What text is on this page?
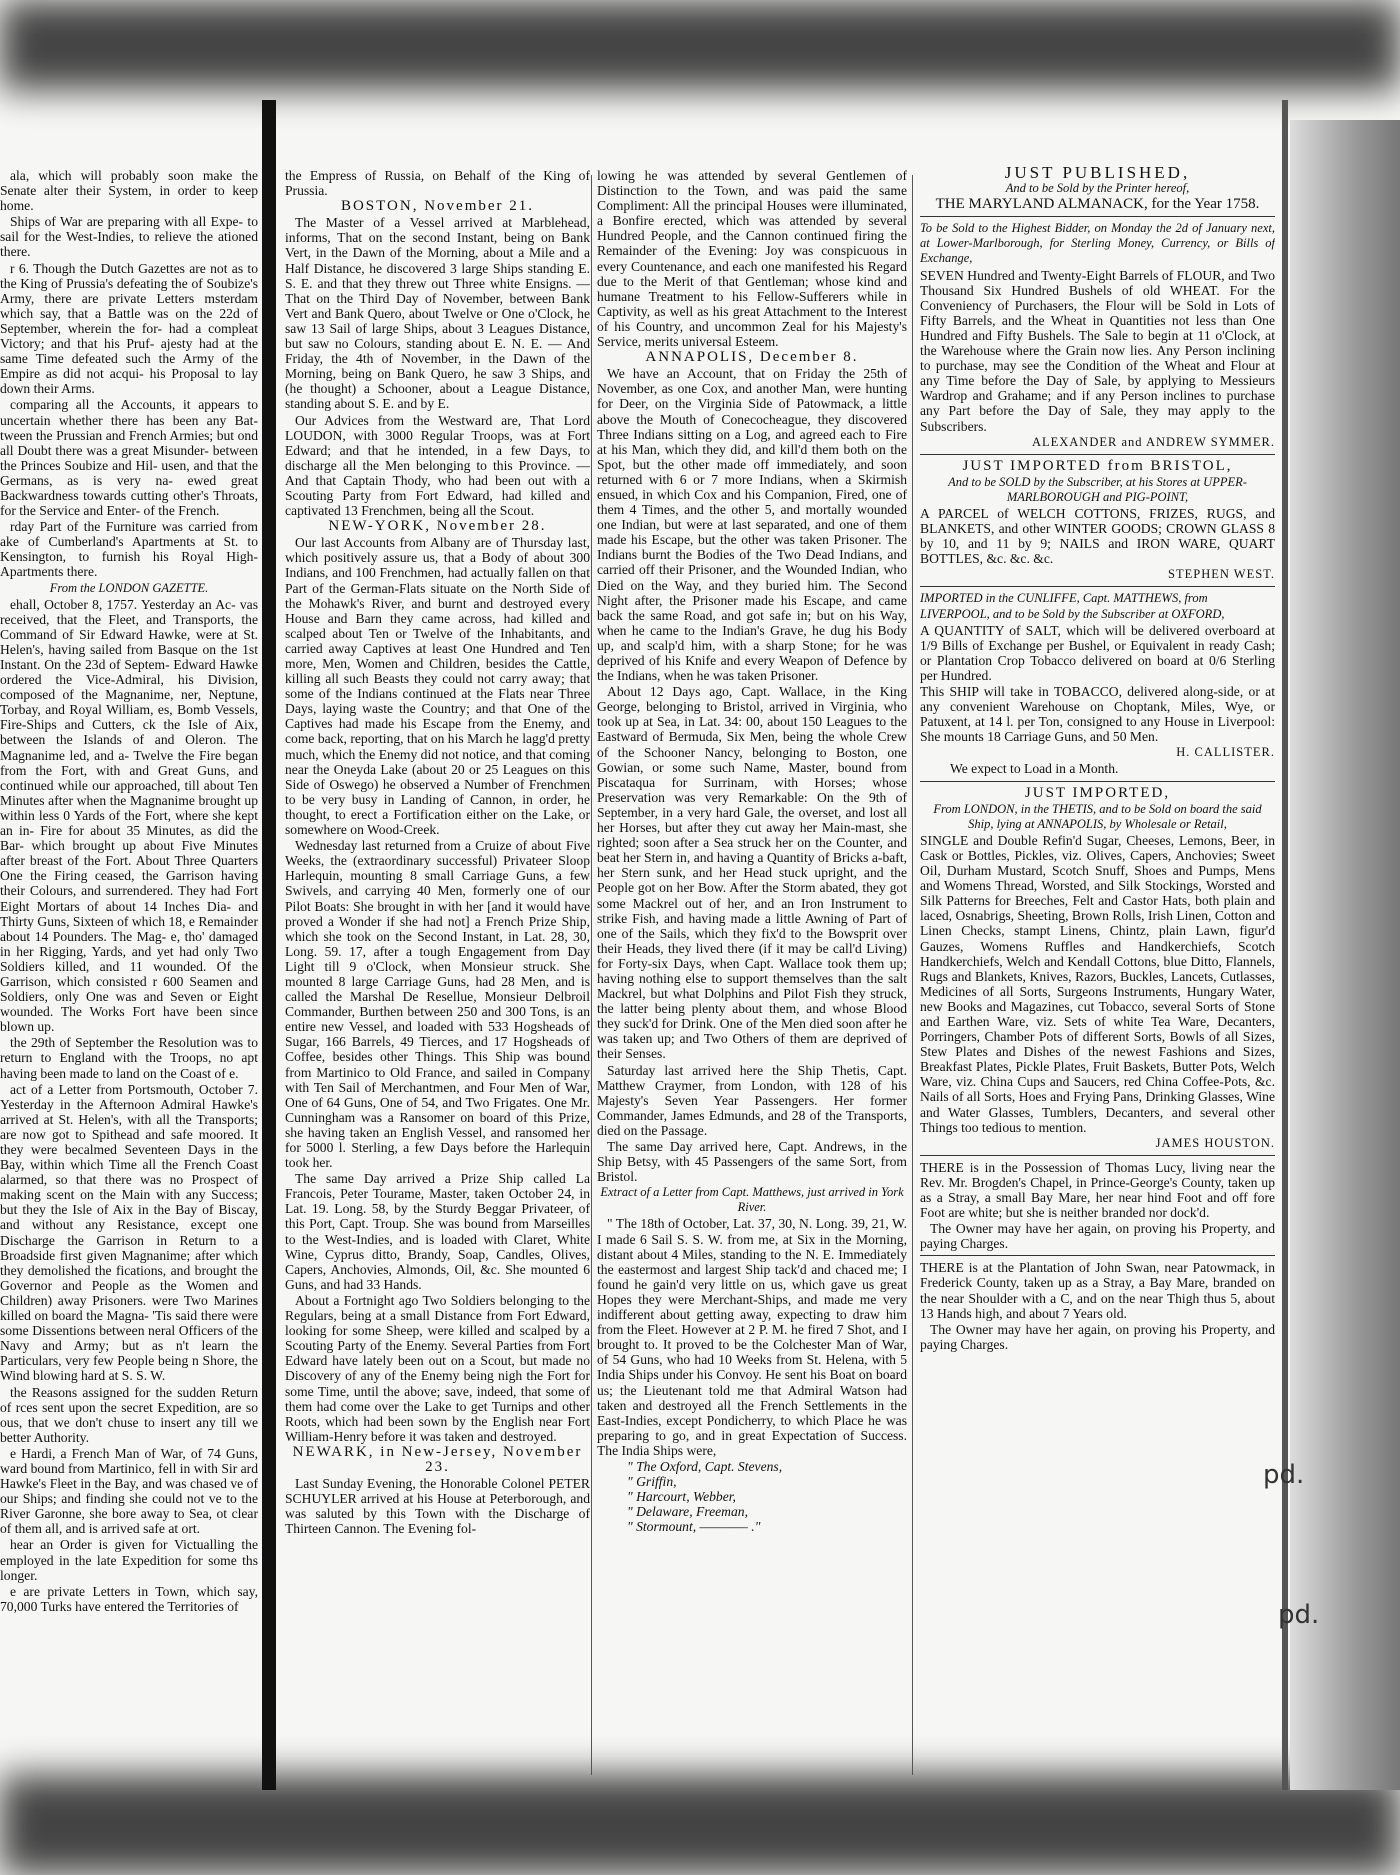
ala, which will probably soon make the Senate alter their System, in order to keep home.

Ships of War are preparing with all Expe- to sail for the West-Indies, to relieve the ationed there.

r 6. Though the Dutch Gazettes are not as to the King of Prussia's defeating the of Soubize's Army, there are private Letters msterdam which say, that a Battle was on the 22d of September, wherein the for- had a compleat Victory; and that his Pruf- ajesty had at the same Time defeated such the Army of the Empire as did not acqui- his Proposal to lay down their Arms.

comparing all the Accounts, it appears to uncertain whether there has been any Bat- tween the Prussian and French Armies; but ond all Doubt there was a great Misunder- between the Princes Soubize and Hil- usen, and that the Germans, as is very na- ewed great Backwardness towards cutting other's Throats, for the Service and Enter- of the French.

rday Part of the Furniture was carried from ake of Cumberland's Apartments at St. to Kensington, to furnish his Royal High- Apartments there.

From the LONDON GAZETTE.

ehall, October 8, 1757. Yesterday an Ac- vas received, that the Fleet, and Transports, the Command of Sir Edward Hawke, were at St. Helen's, having sailed from Basque on the 1st Instant. On the 23d of Septem- Edward Hawke ordered the Vice-Admiral, his Division, composed of the Magnanime, ner, Neptune, Torbay, and Royal William, es, Bomb Vessels, Fire-Ships and Cutters, ck the Isle of Aix, between the Islands of and Oleron. The Magnanime led, and a- Twelve the Fire began from the Fort, with and Great Guns, and continued while our approached, till about Ten Minutes after when the Magnanime brought up within less 0 Yards of the Fort, where she kept an in- Fire for about 35 Minutes, as did the Bar- which brought up about Five Minutes after breast of the Fort. About Three Quarters One the Firing ceased, the Garrison having their Colours, and surrendered. They had Fort Eight Mortars of about 14 Inches Dia- and Thirty Guns, Sixteen of which 18, e Remainder about 14 Pounders. The Mag- e, tho' damaged in her Rigging, Yards, and yet had only Two Soldiers killed, and 11 wounded. Of the Garrison, which consisted r 600 Seamen and Soldiers, only One was and Seven or Eight wounded. The Works Fort have been since blown up.

the 29th of September the Resolution was to return to England with the Troops, no apt having been made to land on the Coast of e.

act of a Letter from Portsmouth, October 7. Yesterday in the Afternoon Admiral Hawke's arrived at St. Helen's, with all the Transports; are now got to Spithead and safe moored. It they were becalmed Seventeen Days in the Bay, within which Time all the French Coast alarmed, so that there was no Prospect of making scent on the Main with any Success; but they the Isle of Aix in the Bay of Biscay, and without any Resistance, except one Discharge the Garrison in Return to a Broadside first given Magnanime; after which they demolished the fications, and brought the Governor and People as the Women and Children) away Prisoners. were Two Marines killed on board the Magna- 'Tis said there were some Dissentions between neral Officers of the Navy and Army; but as n't learn the Particulars, very few People being n Shore, the Wind blowing hard at S. S. W.

the Reasons assigned for the sudden Return of rces sent upon the secret Expedition, are so ous, that we don't chuse to insert any till we better Authority.

e Hardi, a French Man of War, of 74 Guns, ward bound from Martinico, fell in with Sir ard Hawke's Fleet in the Bay, and was chased ve of our Ships; and finding she could not ve to the River Garonne, she bore away to Sea, ot clear of them all, and is arrived safe at ort.

hear an Order is given for Victualling the employed in the late Expedition for some ths longer.

e are private Letters in Town, which say, 70,000 Turks have entered the Territories of

the Empress of Russia, on Behalf of the King of Prussia.

BOSTON, November 21.

The Master of a Vessel arrived at Marblehead, informs, That on the second Instant, being on Bank Vert, in the Dawn of the Morning, about a Mile and a Half Distance, he discovered 3 large Ships standing E. S. E. and that they threw out Three white Ensigns. — That on the Third Day of November, between Bank Vert and Bank Quero, about Twelve or One o'Clock, he saw 13 Sail of large Ships, about 3 Leagues Distance, but saw no Colours, standing about E. N. E. — And Friday, the 4th of November, in the Dawn of the Morning, being on Bank Quero, he saw 3 Ships, and (he thought) a Schooner, about a League Distance, standing about S. E. and by E.

Our Advices from the Westward are, That Lord LOUDON, with 3000 Regular Troops, was at Fort Edward; and that he intended, in a few Days, to discharge all the Men belonging to this Province. — And that Captain Thody, who had been out with a Scouting Party from Fort Edward, had killed and captivated 13 Frenchmen, being all the Scout.

NEW-YORK, November 28.

Our last Accounts from Albany are of Thursday last, which positively assure us, that a Body of about 300 Indians, and 100 Frenchmen, had actually fallen on that Part of the German-Flats situate on the North Side of the Mohawk's River, and burnt and destroyed every House and Barn they came across, had killed and scalped about Ten or Twelve of the Inhabitants, and carried away Captives at least One Hundred and Ten more, Men, Women and Children, besides the Cattle, killing all such Beasts they could not carry away; that some of the Indians continued at the Flats near Three Days, laying waste the Country; and that One of the Captives had made his Escape from the Enemy, and come back, reporting, that on his March he lagg'd pretty much, which the Enemy did not notice, and that coming near the Oneyda Lake (about 20 or 25 Leagues on this Side of Oswego) he observed a Number of Frenchmen to be very busy in Landing of Cannon, in order, he thought, to erect a Fortification either on the Lake, or somewhere on Wood-Creek.

Wednesday last returned from a Cruize of about Five Weeks, the (extraordinary successful) Privateer Sloop Harlequin, mounting 8 small Carriage Guns, a few Swivels, and carrying 40 Men, formerly one of our Pilot Boats: She brought in with her [and it would have proved a Wonder if she had not] a French Prize Ship, which she took on the Second Instant, in Lat. 28, 30, Long. 59. 17, after a tough Engagement from Day Light till 9 o'Clock, when Monsieur struck. She mounted 8 large Carriage Guns, had 28 Men, and is called the Marshal De Resellue, Monsieur Delbroil Commander, Burthen between 250 and 300 Tons, is an entire new Vessel, and loaded with 533 Hogsheads of Sugar, 166 Barrels, 49 Tierces, and 17 Hogsheads of Coffee, besides other Things. This Ship was bound from Martinico to Old France, and sailed in Company with Ten Sail of Merchantmen, and Four Men of War, One of 64 Guns, One of 54, and Two Frigates. One Mr. Cunningham was a Ransomer on board of this Prize, she having taken an English Vessel, and ransomed her for 5000 l. Sterling, a few Days before the Harlequin took her.

The same Day arrived a Prize Ship called La Francois, Peter Tourame, Master, taken October 24, in Lat. 19. Long. 58, by the Sturdy Beggar Privateer, of this Port, Capt. Troup. She was bound from Marseilles to the West-Indies, and is loaded with Claret, White Wine, Cyprus ditto, Brandy, Soap, Candles, Olives, Capers, Anchovies, Almonds, Oil, &c. She mounted 6 Guns, and had 33 Hands.

About a Fortnight ago Two Soldiers belonging to the Regulars, being at a small Distance from Fort Edward, looking for some Sheep, were killed and scalped by a Scouting Party of the Enemy. Several Parties from Fort Edward have lately been out on a Scout, but made no Discovery of any of the Enemy being nigh the Fort for some Time, until the above; save, indeed, that some of them had come over the Lake to get Turnips and other Roots, which had been sown by the English near Fort William-Henry before it was taken and destroyed.

NEWARK, in New-Jersey, November 23.

Last Sunday Evening, the Honorable Colonel PETER SCHUYLER arrived at his House at Peterborough, and was saluted by this Town with the Discharge of Thirteen Cannon. The Evening fol-

lowing he was attended by several Gentlemen of Distinction to the Town, and was paid the same Compliment: All the principal Houses were illuminated, a Bonfire erected, which was attended by several Hundred People, and the Cannon continued firing the Remainder of the Evening: Joy was conspicuous in every Countenance, and each one manifested his Regard due to the Merit of that Gentleman; whose kind and humane Treatment to his Fellow-Sufferers while in Captivity, as well as his great Attachment to the Interest of his Country, and uncommon Zeal for his Majesty's Service, merits universal Esteem.

ANNAPOLIS, December 8.

We have an Account, that on Friday the 25th of November, as one Cox, and another Man, were hunting for Deer, on the Virginia Side of Patowmack, a little above the Mouth of Conecocheague, they discovered Three Indians sitting on a Log, and agreed each to Fire at his Man, which they did, and kill'd them both on the Spot, but the other made off immediately, and soon returned with 6 or 7 more Indians, when a Skirmish ensued, in which Cox and his Companion, Fired, one of them 4 Times, and the other 5, and mortally wounded one Indian, but were at last separated, and one of them made his Escape, but the other was taken Prisoner. The Indians burnt the Bodies of the Two Dead Indians, and carried off their Prisoner, and the Wounded Indian, who Died on the Way, and they buried him. The Second Night after, the Prisoner made his Escape, and came back the same Road, and got safe in; but on his Way, when he came to the Indian's Grave, he dug his Body up, and scalp'd him, with a sharp Stone; for he was deprived of his Knife and every Weapon of Defence by the Indians, when he was taken Prisoner.

About 12 Days ago, Capt. Wallace, in the King George, belonging to Bristol, arrived in Virginia, who took up at Sea, in Lat. 34: 00, about 150 Leagues to the Eastward of Bermuda, Six Men, being the whole Crew of the Schooner Nancy, belonging to Boston, one Gowian, or some such Name, Master, bound from Piscataqua for Surrinam, with Horses; whose Preservation was very Remarkable: On the 9th of September, in a very hard Gale, the overset, and lost all her Horses, but after they cut away her Main-mast, she righted; soon after a Sea struck her on the Counter, and beat her Stern in, and having a Quantity of Bricks a-baft, her Stern sunk, and her Head stuck upright, and the People got on her Bow. After the Storm abated, they got some Mackrel out of her, and an Iron Instrument to strike Fish, and having made a little Awning of Part of one of the Sails, which they fix'd to the Bowsprit over their Heads, they lived there (if it may be call'd Living) for Forty-six Days, when Capt. Wallace took them up; having nothing else to support themselves than the salt Mackrel, but what Dolphins and Pilot Fish they struck, the latter being plenty about them, and whose Blood they suck'd for Drink. One of the Men died soon after he was taken up; and Two Others of them are deprived of their Senses.

Saturday last arrived here the Ship Thetis, Capt. Matthew Craymer, from London, with 128 of his Majesty's Seven Year Passengers. Her former Commander, James Edmunds, and 28 of the Transports, died on the Passage.

The same Day arrived here, Capt. Andrews, in the Ship Betsy, with 45 Passengers of the same Sort, from Bristol.

Extract of a Letter from Capt. Matthews, just arrived in York River.

" The 18th of October, Lat. 37, 30, N. Long. 39, 21, W. I made 6 Sail S. S. W. from me, at Six in the Morning, distant about 4 Miles, standing to the N. E. Immediately the eastermost and largest Ship tack'd and chaced me; I found he gain'd very little on us, which gave us great Hopes they were Merchant-Ships, and made me very indifferent about getting away, expecting to draw him from the Fleet. However at 2 P. M. he fired 7 Shot, and I brought to. It proved to be the Colchester Man of War, of 54 Guns, who had 10 Weeks from St. Helena, with 5 India Ships under his Convoy. He sent his Boat on board us; the Lieutenant told me that Admiral Watson had taken and destroyed all the French Settlements in the East-Indies, except Pondicherry, to which Place he was preparing to go, and in great Expectation of Success. The India Ships were,

" The Oxford, Capt. Stevens,
" Griffin,
" Harcourt, Webber,
" Delaware, Freeman,
" Stormount, ———— ."

JUST PUBLISHED,

And to be Sold by the Printer hereof,

THE MARYLAND ALMANACK, for the Year 1758.

To be Sold to the Highest Bidder, on Monday the 2d of January next, at Lower-Marlborough, for Sterling Money, Currency, or Bills of Exchange,

SEVEN Hundred and Twenty-Eight Barrels of FLOUR, and Two Thousand Six Hundred Bushels of old WHEAT. For the Conveniency of Purchasers, the Flour will be Sold in Lots of Fifty Barrels, and the Wheat in Quantities not less than One Hundred and Fifty Bushels. The Sale to begin at 11 o'Clock, at the Warehouse where the Grain now lies. Any Person inclining to purchase, may see the Condition of the Wheat and Flour at any Time before the Day of Sale, by applying to Messieurs Wardrop and Grahame; and if any Person inclines to purchase any Part before the Day of Sale, they may apply to the Subscribers.

ALEXANDER and ANDREW SYMMER.

JUST IMPORTED from BRISTOL,

And to be SOLD by the Subscriber, at his Stores at UPPER-MARLBOROUGH and PIG-POINT,

A PARCEL of WELCH COTTONS, FRIZES, RUGS, and BLANKETS, and other WINTER GOODS; CROWN GLASS 8 by 10, and 11 by 9; NAILS and IRON WARE, QUART BOTTLES, &c. &c. &c.

STEPHEN WEST.

IMPORTED in the CUNLIFFE, Capt. MATTHEWS, from LIVERPOOL, and to be Sold by the Subscriber at OXFORD,

A QUANTITY of SALT, which will be delivered overboard at 1/9 Bills of Exchange per Bushel, or Equivalent in ready Cash; or Plantation Crop Tobacco delivered on board at 0/6 Sterling per Hundred.

This SHIP will take in TOBACCO, delivered along-side, or at any convenient Warehouse on Choptank, Miles, Wye, or Patuxent, at 14 l. per Ton, consigned to any House in Liverpool: She mounts 18 Carriage Guns, and 50 Men.

H. CALLISTER.

We expect to Load in a Month.

JUST IMPORTED,

From LONDON, in the THETIS, and to be Sold on board the said Ship, lying at ANNAPOLIS, by Wholesale or Retail,

SINGLE and Double Refin'd Sugar, Cheeses, Lemons, Beer, in Cask or Bottles, Pickles, viz. Olives, Capers, Anchovies; Sweet Oil, Durham Mustard, Scotch Snuff, Shoes and Pumps, Mens and Womens Thread, Worsted, and Silk Stockings, Worsted and Silk Patterns for Breeches, Felt and Castor Hats, both plain and laced, Osnabrigs, Sheeting, Brown Rolls, Irish Linen, Cotton and Linen Checks, stampt Linens, Chintz, plain Lawn, figur'd Gauzes, Womens Ruffles and Handkerchiefs, Scotch Handkerchiefs, Welch and Kendall Cottons, blue Ditto, Flannels, Rugs and Blankets, Knives, Razors, Buckles, Lancets, Cutlasses, Medicines of all Sorts, Surgeons Instruments, Hungary Water, new Books and Magazines, cut Tobacco, several Sorts of Stone and Earthen Ware, viz. Sets of white Tea Ware, Decanters, Porringers, Chamber Pots of different Sorts, Bowls of all Sizes, Stew Plates and Dishes of the newest Fashions and Sizes, Breakfast Plates, Pickle Plates, Fruit Baskets, Butter Pots, Welch Ware, viz. China Cups and Saucers, red China Coffee-Pots, &c. Nails of all Sorts, Hoes and Frying Pans, Drinking Glasses, Wine and Water Glasses, Tumblers, Decanters, and several other Things too tedious to mention.

JAMES HOUSTON.

THERE is in the Possession of Thomas Lucy, living near the Rev. Mr. Brogden's Chapel, in Prince-George's County, taken up as a Stray, a small Bay Mare, her near hind Foot and off fore Foot are white; but she is neither branded nor dock'd.

The Owner may have her again, on proving his Property, and paying Charges.

THERE is at the Plantation of John Swan, near Patowmack, in Frederick County, taken up as a Stray, a Bay Mare, branded on the near Shoulder with a C, and on the near Thigh thus 5, about 13 Hands high, and about 7 Years old.

The Owner may have her again, on proving his Property, and paying Charges.

pd.
pd.
